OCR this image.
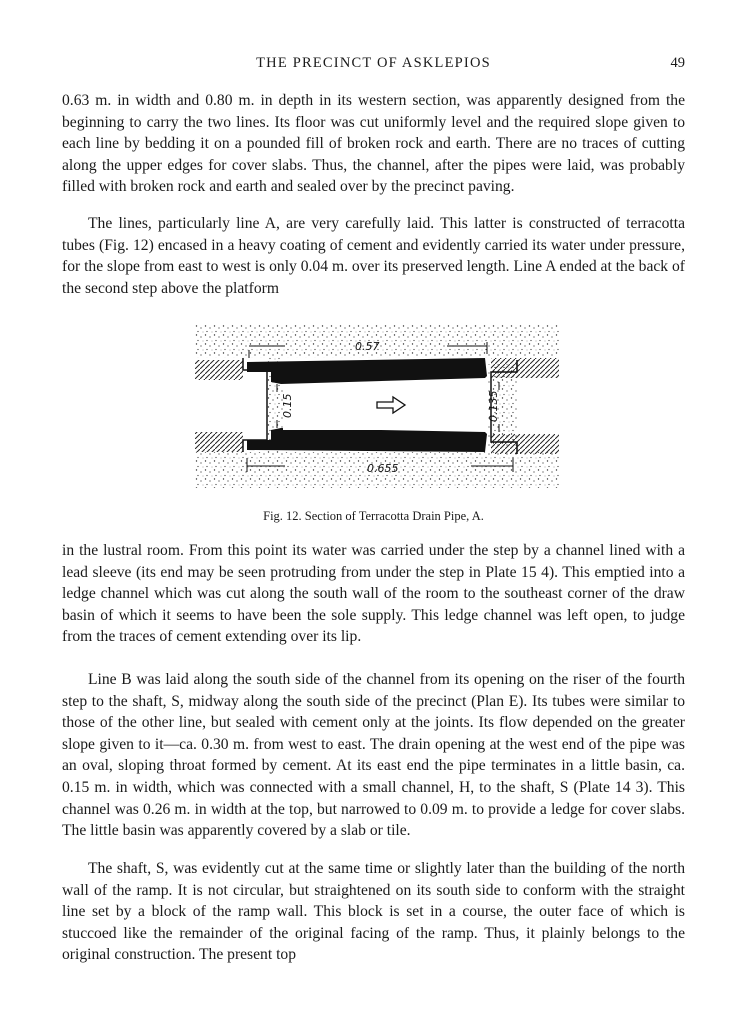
THE PRECINCT OF ASKLEPIOS	49

0.63 m. in width and 0.80 m. in depth in its western section, was apparently designed from the beginning to carry the two lines. Its floor was cut uniformly level and the required slope given to each line by bedding it on a pounded fill of broken rock and earth. There are no traces of cutting along the upper edges for cover slabs. Thus, the channel, after the pipes were laid, was probably filled with broken rock and earth and sealed over by the precinct paving.

The lines, particularly line A, are very carefully laid. This latter is constructed of terracotta tubes (Fig. 12) encased in a heavy coating of cement and evidently carried its water under pressure, for the slope from east to west is only 0.04 m. over its preserved length. Line A ended at the back of the second step above the platform

0.57
0.655
0.15	0.135
Fig. 12. Section of Terracotta Drain Pipe, A.

in the lustral room. From this point its water was carried under the step by a channel lined with a lead sleeve (its end may be seen protruding from under the step in Plate 15 4). This emptied into a ledge channel which was cut along the south wall of the room to the southeast corner of the draw basin of which it seems to have been the sole supply. This ledge channel was left open, to judge from the traces of cement extending over its lip.

Line B was laid along the south side of the channel from its opening on the riser of the fourth step to the shaft, S, midway along the south side of the precinct (Plan E). Its tubes were similar to those of the other line, but sealed with cement only at the joints. Its flow depended on the greater slope given to it—ca. 0.30 m. from west to east. The drain opening at the west end of the pipe was an oval, sloping throat formed by cement. At its east end the pipe terminates in a little basin, ca. 0.15 m. in width, which was connected with a small channel, H, to the shaft, S (Plate 14 3). This channel was 0.26 m. in width at the top, but narrowed to 0.09 m. to provide a ledge for cover slabs. The little basin was apparently covered by a slab or tile.

The shaft, S, was evidently cut at the same time or slightly later than the building of the north wall of the ramp. It is not circular, but straightened on its south side to conform with the straight line set by a block of the ramp wall. This block is set in a course, the outer face of which is stuccoed like the remainder of the original facing of the ramp. Thus, it plainly belongs to the original construction. The present top
